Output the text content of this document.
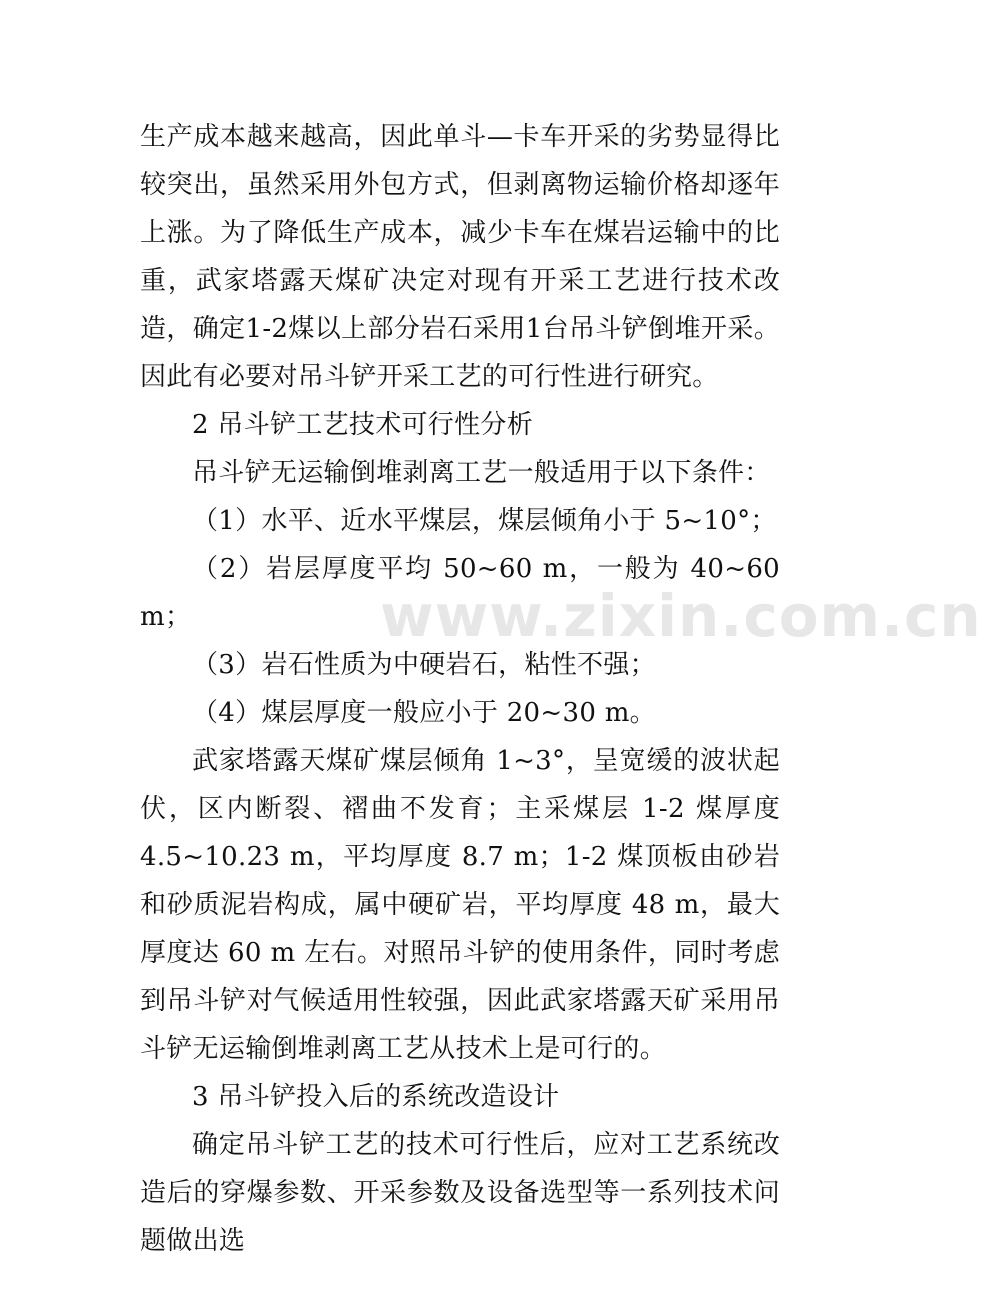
生产成本越来越高，因此单斗—卡车开采的劣势显得比较突出，虽然采用外包方式，但剥离物运输价格却逐年上涨。为了降低生产成本，减少卡车在煤岩运输中的比重，武家塔露天煤矿决定对现有开采工艺进行技术改造，确定1-2煤以上部分岩石采用1台吊斗铲倒堆开采。因此有必要对吊斗铲开采工艺的可行性进行研究。

2 吊斗铲工艺技术可行性分析

吊斗铲无运输倒堆剥离工艺一般适用于以下条件：

（1）水平、近水平煤层，煤层倾角小于 5~10°；

（2）岩层厚度平均 50~60 m，一般为 40~60 m；

（3）岩石性质为中硬岩石，粘性不强；

（4）煤层厚度一般应小于 20~30 m。

武家塔露天煤矿煤层倾角 1~3°，呈宽缓的波状起伏，区内断裂、褶曲不发育；主采煤层 1-2 煤厚度 4.5~10.23 m，平均厚度 8.7 m；1-2 煤顶板由砂岩和砂质泥岩构成，属中硬矿岩，平均厚度 48 m，最大厚度达 60 m 左右。对照吊斗铲的使用条件，同时考虑到吊斗铲对气候适用性较强，因此武家塔露天矿采用吊斗铲无运输倒堆剥离工艺从技术上是可行的。

3 吊斗铲投入后的系统改造设计

确定吊斗铲工艺的技术可行性后，应对工艺系统改造后的穿爆参数、开采参数及设备选型等一系列技术问题做出选

www.zixin.com.cn
